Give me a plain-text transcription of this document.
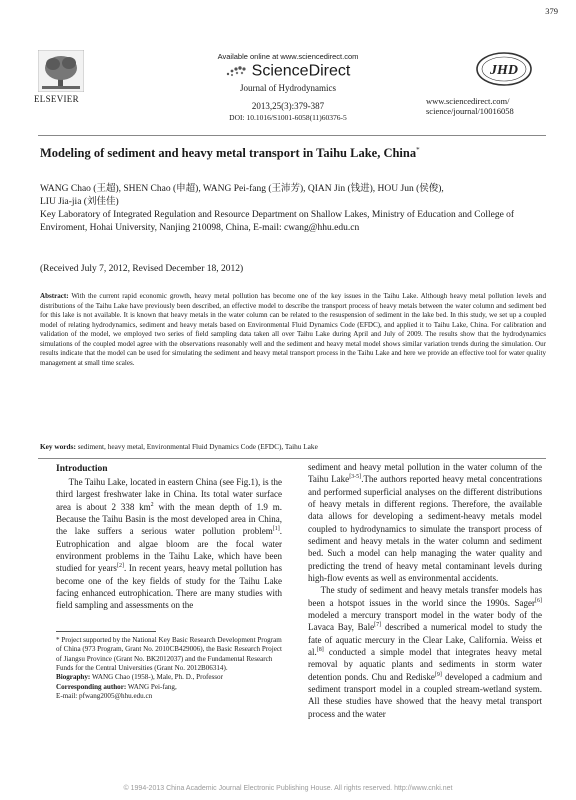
379
Available online at www.sciencedirect.com
ELSEVIER
ScienceDirect
Journal of Hydrodynamics
2013,25(3):379-387
DOI: 10.1016/S1001-6058(11)60376-5
JHD
www.sciencedirect.com/
science/journal/10016058
Modeling of sediment and heavy metal transport in Taihu Lake, China*
WANG Chao (王超), SHEN Chao (申超), WANG Pei-fang (王沛芳), QIAN Jin (钱进), HOU Jun (侯俊),
LIU Jia-jia (刘佳佳)
Key Laboratory of Integrated Regulation and Resource Department on Shallow Lakes, Ministry of Education and College of Enviroment, Hohai University, Nanjing 210098, China, E-mail: cwang@hhu.edu.cn
(Received July 7, 2012, Revised December 18, 2012)
Abstract: With the current rapid economic growth, heavy metal pollution has become one of the key issues in the Taihu Lake. Although heavy metal pollution levels and distributions of the Taihu Lake have previously been described, an effective model to describe the transport process of heavy metals between the water column and sediment bed for this lake is not available. It is known that heavy metals in the water column can be related to the resuspension of sediment in the lake bed. In this study, we set up a coupled model of relating hydrodynamics, sediment and heavy metals based on Environmental Fluid Dynamics Code (EFDC), and applied it to Taihu Lake, China. For calibration and validation of the model, we employed two series of field sampling data taken all over Taihu Lake during April and July of 2009. The results show that the hydrodynamics simulations of the coupled model agree with the observations reasonably well and the sediment and heavy metal model shows similar variation trends during the simulation. Our results indicate that the model can be used for simulating the sediment and heavy metal transport process in the Taihu Lake and here we provide an effective tool for water quality management at small time scales.
Key words: sediment, heavy metal, Environmental Fluid Dynamics Code (EFDC), Taihu Lake
Introduction

The Taihu Lake, located in eastern China (see Fig.1), is the third largest freshwater lake in China. Its total water surface area is about 2 338 $km^2$ with the mean depth of 1.9 m. Because the Taihu Basin is the most developed area in China, the lake suffers a serious water pollution problem[1]. Eutrophication and algae bloom are the focal water environment problems in the Taihu Lake, which have been studied for years[2]. In recent years, heavy metal pollution has become one of the key fields of study for the Taihu Lake facing enhanced eutrophication. There are many studies with field sampling and assessments on the

sediment and heavy metal pollution in the water column of the Taihu Lake[3-5].The authors reported heavy metal concentrations and performed superficial analyses on the different distributions of heavy metals in different regions. Therefore, the available data allows for developing a sediment-heavy metals model coupled to hydrodynamics to simulate the transport process of sediment and heavy metals in the water column and sediment bed. Such a model can help managing the water quality and predicting the trend of heavy metal contaminant levels during high-flow events as well as environmental accidents.

The study of sediment and heavy metals transfer models has been a hotspot issues in the world since the 1990s. Sager[6] modeled a mercury transport model in the water body of the Lavaca Bay, Bale[7] described a numerical model to study the fate of aquatic mercury in the Clear Lake, California. Weiss et al.[8] conducted a simple model that integrates heavy metal removal by aquatic plants and sediments in storm water detention ponds. Chu and Rediske[9] developed a cadmium and sediment transport model in a coupled stream-wetland system. All these studies have showed that the heavy metal transport process and the water

* Project supported by the National Key Basic Research Development Program of China (973 Program, Grant No. 2010CB429006), the Basic Research Project of Jiangsu Province (Grant No. BK2012037) and the Fundamental Research Funds for the Central Universities (Grant No. 2012B06314).
Biography: WANG Chao (1958-), Male, Ph. D., Professor
Corresponding author: WANG Pei-fang,
E-mail: pfwang2005@hhu.edu.cn
© 1994-2013 China Academic Journal Electronic Publishing House. All rights reserved. http://www.cnki.net
